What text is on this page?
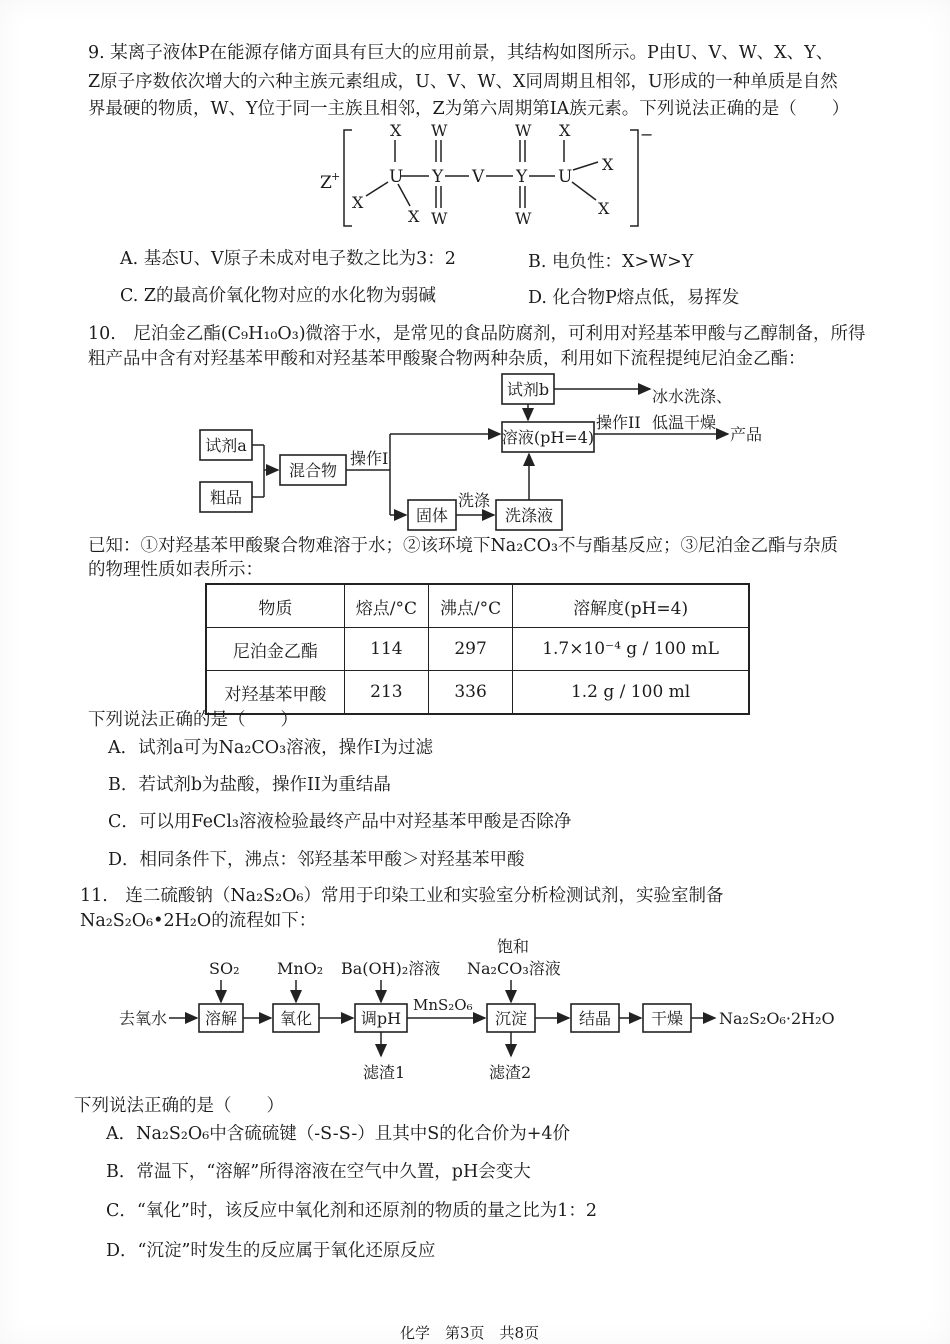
9. 某离子液体P在能源存储方面具有巨大的应用前景，其结构如图所示。P由U、V、W、X、Y、
Z原子序数依次增大的六种主族元素组成，U、V、W、X同周期且相邻，U形成的一种单质是自然
界最硬的物质，W、Y位于同一主族且相邻，Z为第六周期第IA族元素。下列说法正确的是（　　）
Z +
−
U Y V Y U
X
X
X
W
W
W
W
X
X
X
A. 基态U、V原子未成对电子数之比为3：2	B. 电负性：X>W>Y
C. Z的最高价氧化物对应的水化物为弱碱	D. 化合物P熔点低，易挥发
10.　尼泊金乙酯(C₉H₁₀O₃)微溶于水，是常见的食品防腐剂，可利用对羟基苯甲酸与乙醇制备，所得
粗产品中含有对羟基苯甲酸和对羟基苯甲酸聚合物两种杂质，利用如下流程提纯尼泊金乙酯：
试剂a
粗品
混合物
溶液(pH=4)
试剂b
固体	洗涤液
操作I
洗涤
操作II
冰水洗涤、
低温干燥
产品
已知：①对羟基苯甲酸聚合物难溶于水；②该环境下Na₂CO₃不与酯基反应；③尼泊金乙酯与杂质
的物理性质如表所示：
物质	熔点/°C	沸点/°C	溶解度(pH=4)
尼泊金乙酯	114	297	1.7×10⁻⁴ g / 100 mL
对羟基苯甲酸	213	336	1.2 g / 100 ml
下列说法正确的是（　　）
A．试剂a可为Na₂CO₃溶液，操作I为过滤
B．若试剂b为盐酸，操作II为重结晶
C．可以用FeCl₃溶液检验最终产品中对羟基苯甲酸是否除净
D．相同条件下，沸点：邻羟基苯甲酸＞对羟基苯甲酸
11.　连二硫酸钠（Na₂S₂O₆）常用于印染工业和实验室分析检测试剂，实验室制备
Na₂S₂O₆•2H₂O的流程如下：
去氧水 溶解	氧化	调pH
MnS₂O₆
沉淀	结晶 干燥 Na₂S₂O₆·2H₂O
SO₂ MnO₂ Ba(OH)₂溶液
饱和
Na₂CO₃溶液
滤渣1	滤渣2
下列说法正确的是（　　）
A．Na₂S₂O₆中含硫硫键（-S-S-）且其中S的化合价为+4价
B．常温下，“溶解”所得溶液在空气中久置，pH会变大
C．“氧化”时，该反应中氧化剂和还原剂的物质的量之比为1：2
D．“沉淀”时发生的反应属于氧化还原反应
化学　第3页　共8页
